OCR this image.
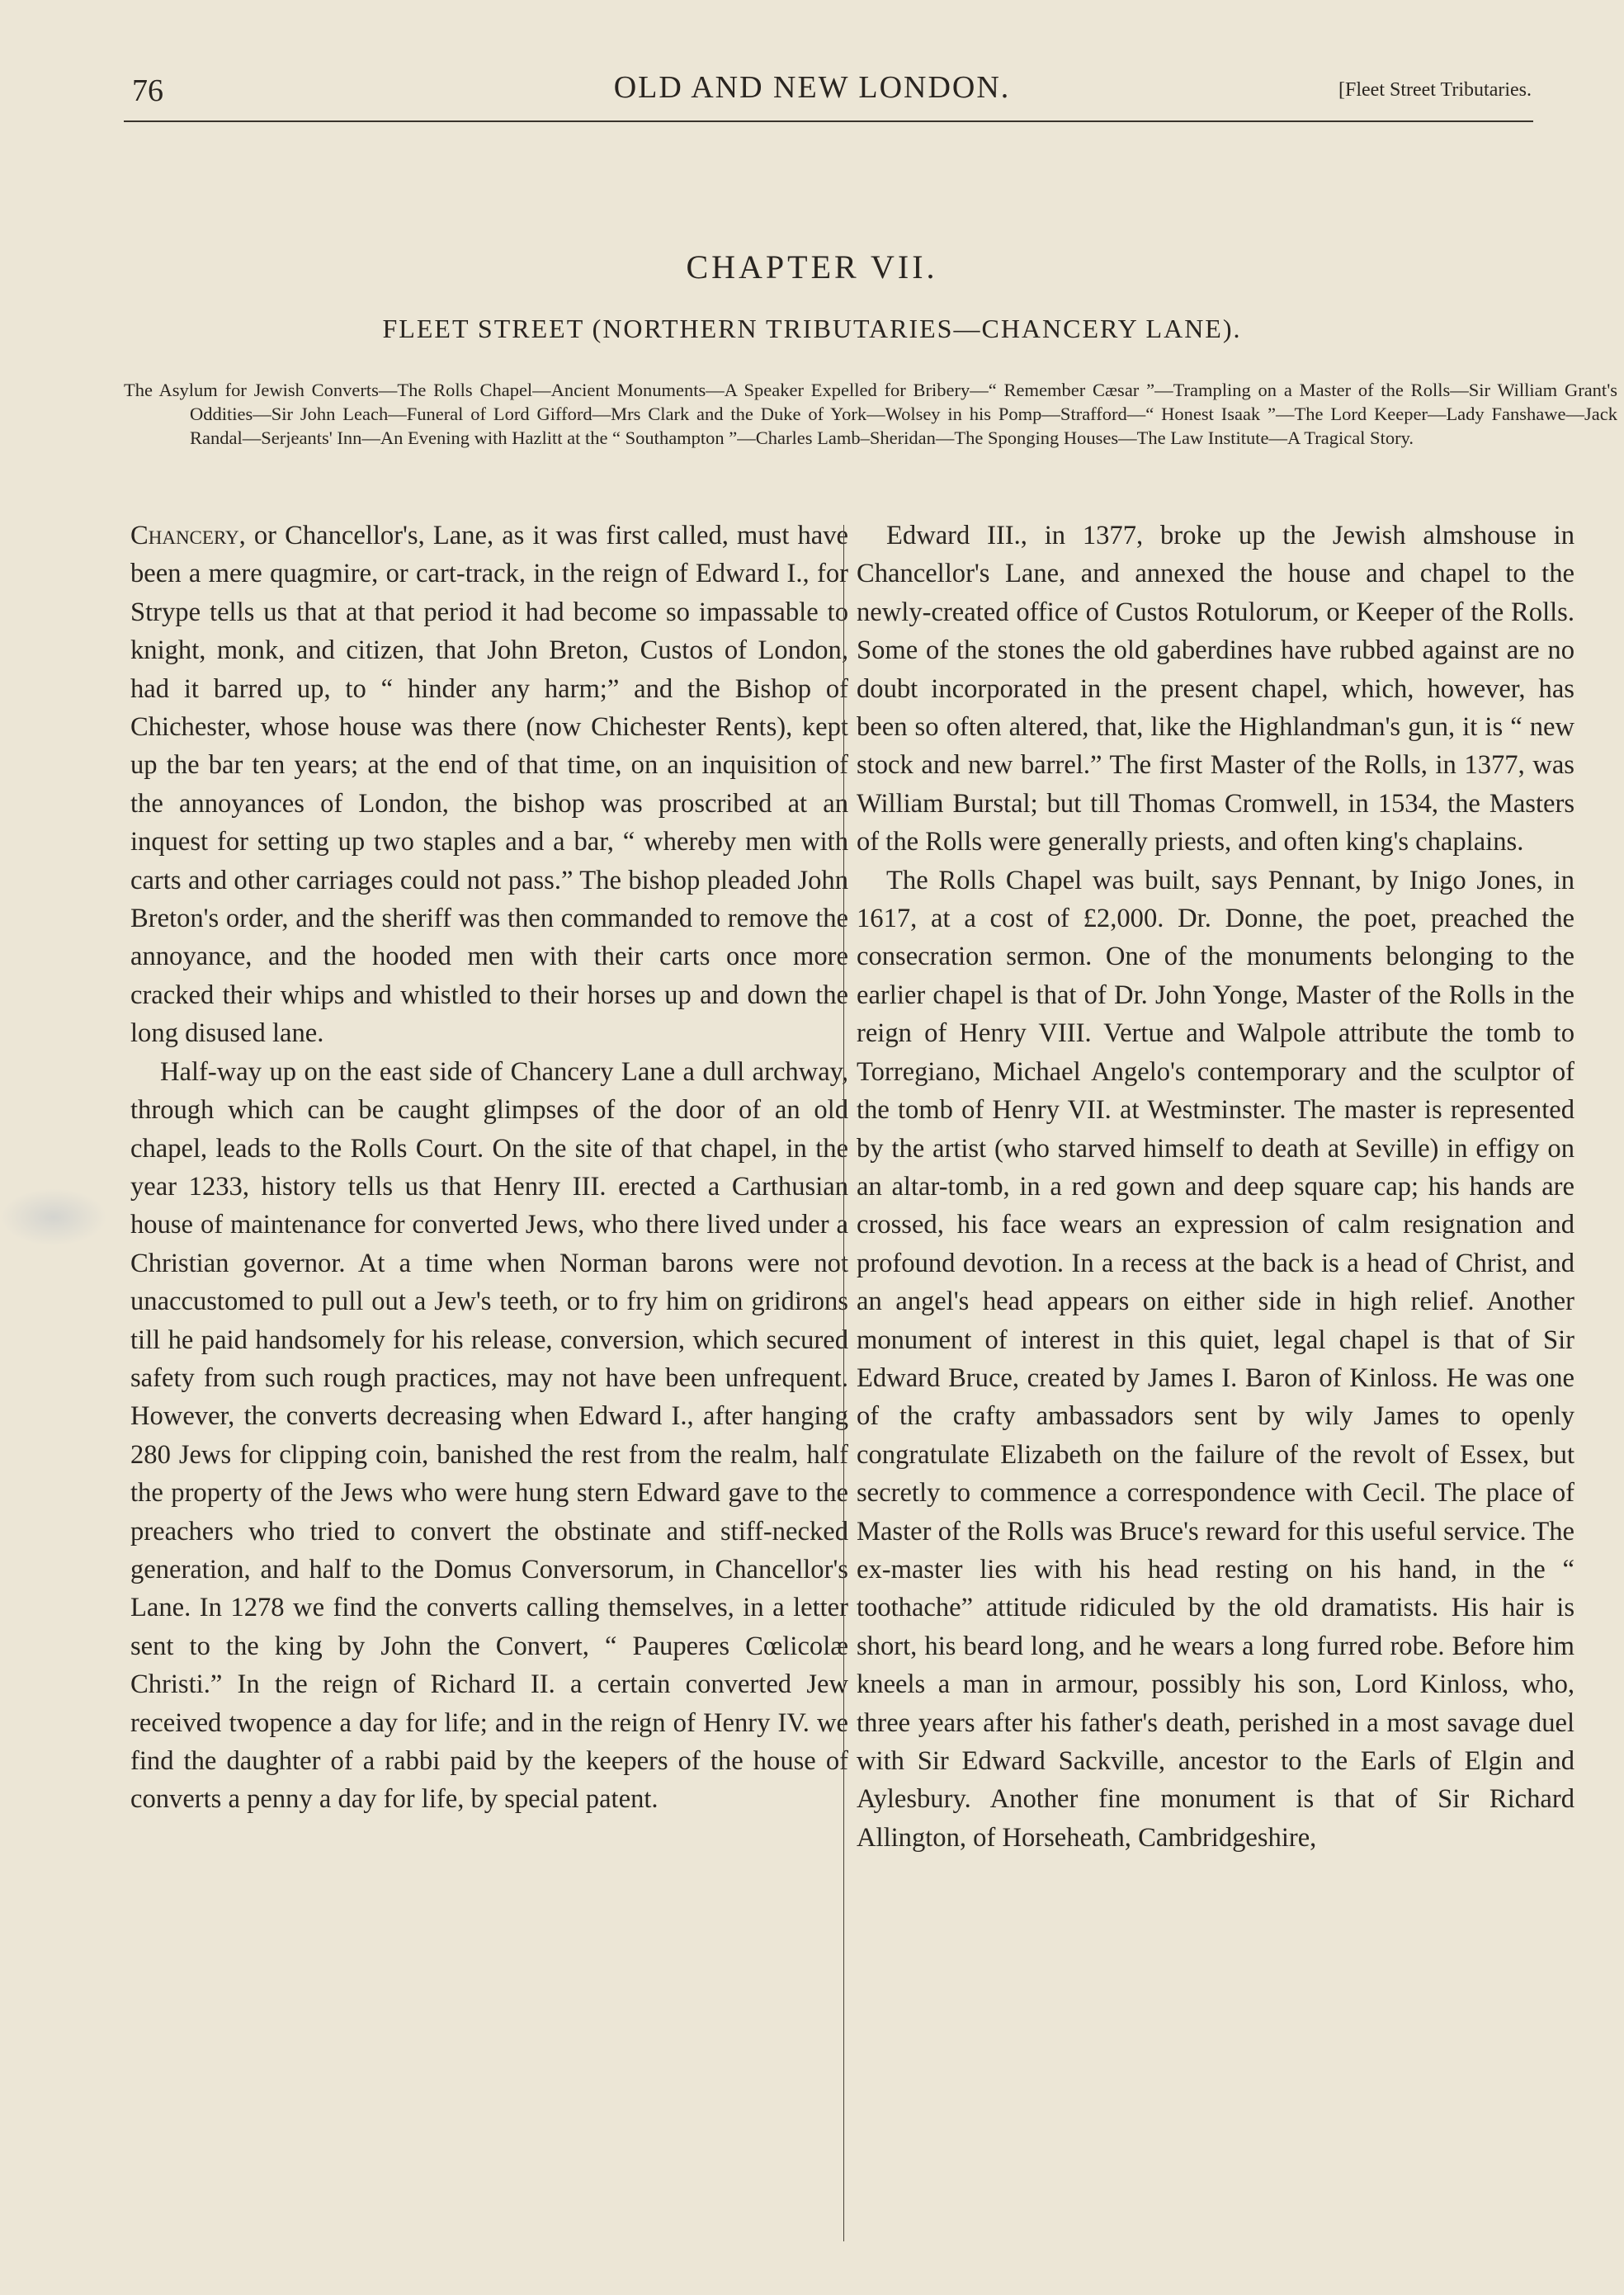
76	OLD AND NEW LONDON.	[Fleet Street Tributaries.
CHAPTER VII.
FLEET STREET (NORTHERN TRIBUTARIES—CHANCERY LANE).
The Asylum for Jewish Converts—The Rolls Chapel—Ancient Monuments—A Speaker Expelled for Bribery—“ Remember Cæsar ”—Trampling on a Master of the Rolls—Sir William Grant's Oddities—Sir John Leach—Funeral of Lord Gifford—Mrs Clark and the Duke of York—Wolsey in his Pomp—Strafford—“ Honest Isaak ”—The Lord Keeper—Lady Fanshawe—Jack Randal—Serjeants' Inn—An Evening with Hazlitt at the “ Southampton ”—Charles Lamb–Sheridan—The Sponging Houses—The Law Institute—A Tragical Story.

Chancery, or Chancellor's, Lane, as it was first called, must have been a mere quagmire, or cart-track, in the reign of Edward I., for Strype tells us that at that period it had become so impassable to knight, monk, and citizen, that John Breton, Custos of London, had it barred up, to “ hinder any harm;” and the Bishop of Chichester, whose house was there (now Chichester Rents), kept up the bar ten years; at the end of that time, on an inquisition of the annoyances of London, the bishop was proscribed at an inquest for setting up two staples and a bar, “ whereby men with carts and other carriages could not pass.” The bishop pleaded John Breton's order, and the sheriff was then commanded to remove the annoyance, and the hooded men with their carts once more cracked their whips and whistled to their horses up and down the long disused lane.

Half-way up on the east side of Chancery Lane a dull archway, through which can be caught glimpses of the door of an old chapel, leads to the Rolls Court. On the site of that chapel, in the year 1233, history tells us that Henry III. erected a Carthusian house of maintenance for converted Jews, who there lived under a Christian governor. At a time when Norman barons were not unaccustomed to pull out a Jew's teeth, or to fry him on gridirons till he paid handsomely for his release, conversion, which secured safety from such rough practices, may not have been unfrequent. However, the converts decreasing when Edward I., after hanging 280 Jews for clipping coin, banished the rest from the realm, half the property of the Jews who were hung stern Edward gave to the preachers who tried to convert the obstinate and stiff-necked generation, and half to the Domus Conversorum, in Chancellor's Lane. In 1278 we find the converts calling themselves, in a letter sent to the king by John the Convert, “ Pauperes Cœlicolæ Christi.” In the reign of Richard II. a certain converted Jew received twopence a day for life; and in the reign of Henry IV. we find the daughter of a rabbi paid by the keepers of the house of converts a penny a day for life, by special patent.

Edward III., in 1377, broke up the Jewish almshouse in Chancellor's Lane, and annexed the house and chapel to the newly-created office of Custos Rotulorum, or Keeper of the Rolls. Some of the stones the old gaberdines have rubbed against are no doubt incorporated in the present chapel, which, however, has been so often altered, that, like the Highlandman's gun, it is “ new stock and new barrel.” The first Master of the Rolls, in 1377, was William Burstal; but till Thomas Cromwell, in 1534, the Masters of the Rolls were generally priests, and often king's chaplains.

The Rolls Chapel was built, says Pennant, by Inigo Jones, in 1617, at a cost of £2,000. Dr. Donne, the poet, preached the consecration sermon. One of the monuments belonging to the earlier chapel is that of Dr. John Yonge, Master of the Rolls in the reign of Henry VIII. Vertue and Walpole attribute the tomb to Torregiano, Michael Angelo's contemporary and the sculptor of the tomb of Henry VII. at Westminster. The master is represented by the artist (who starved himself to death at Seville) in effigy on an altar-tomb, in a red gown and deep square cap; his hands are crossed, his face wears an expression of calm resignation and profound devotion. In a recess at the back is a head of Christ, and an angel's head appears on either side in high relief. Another monument of interest in this quiet, legal chapel is that of Sir Edward Bruce, created by James I. Baron of Kinloss. He was one of the crafty ambassadors sent by wily James to openly congratulate Elizabeth on the failure of the revolt of Essex, but secretly to commence a correspondence with Cecil. The place of Master of the Rolls was Bruce's reward for this useful service. The ex-master lies with his head resting on his hand, in the “ toothache” attitude ridiculed by the old dramatists. His hair is short, his beard long, and he wears a long furred robe. Before him kneels a man in armour, possibly his son, Lord Kinloss, who, three years after his father's death, perished in a most savage duel with Sir Edward Sackville, ancestor to the Earls of Elgin and Aylesbury. Another fine monument is that of Sir Richard Allington, of Horseheath, Cambridgeshire,
